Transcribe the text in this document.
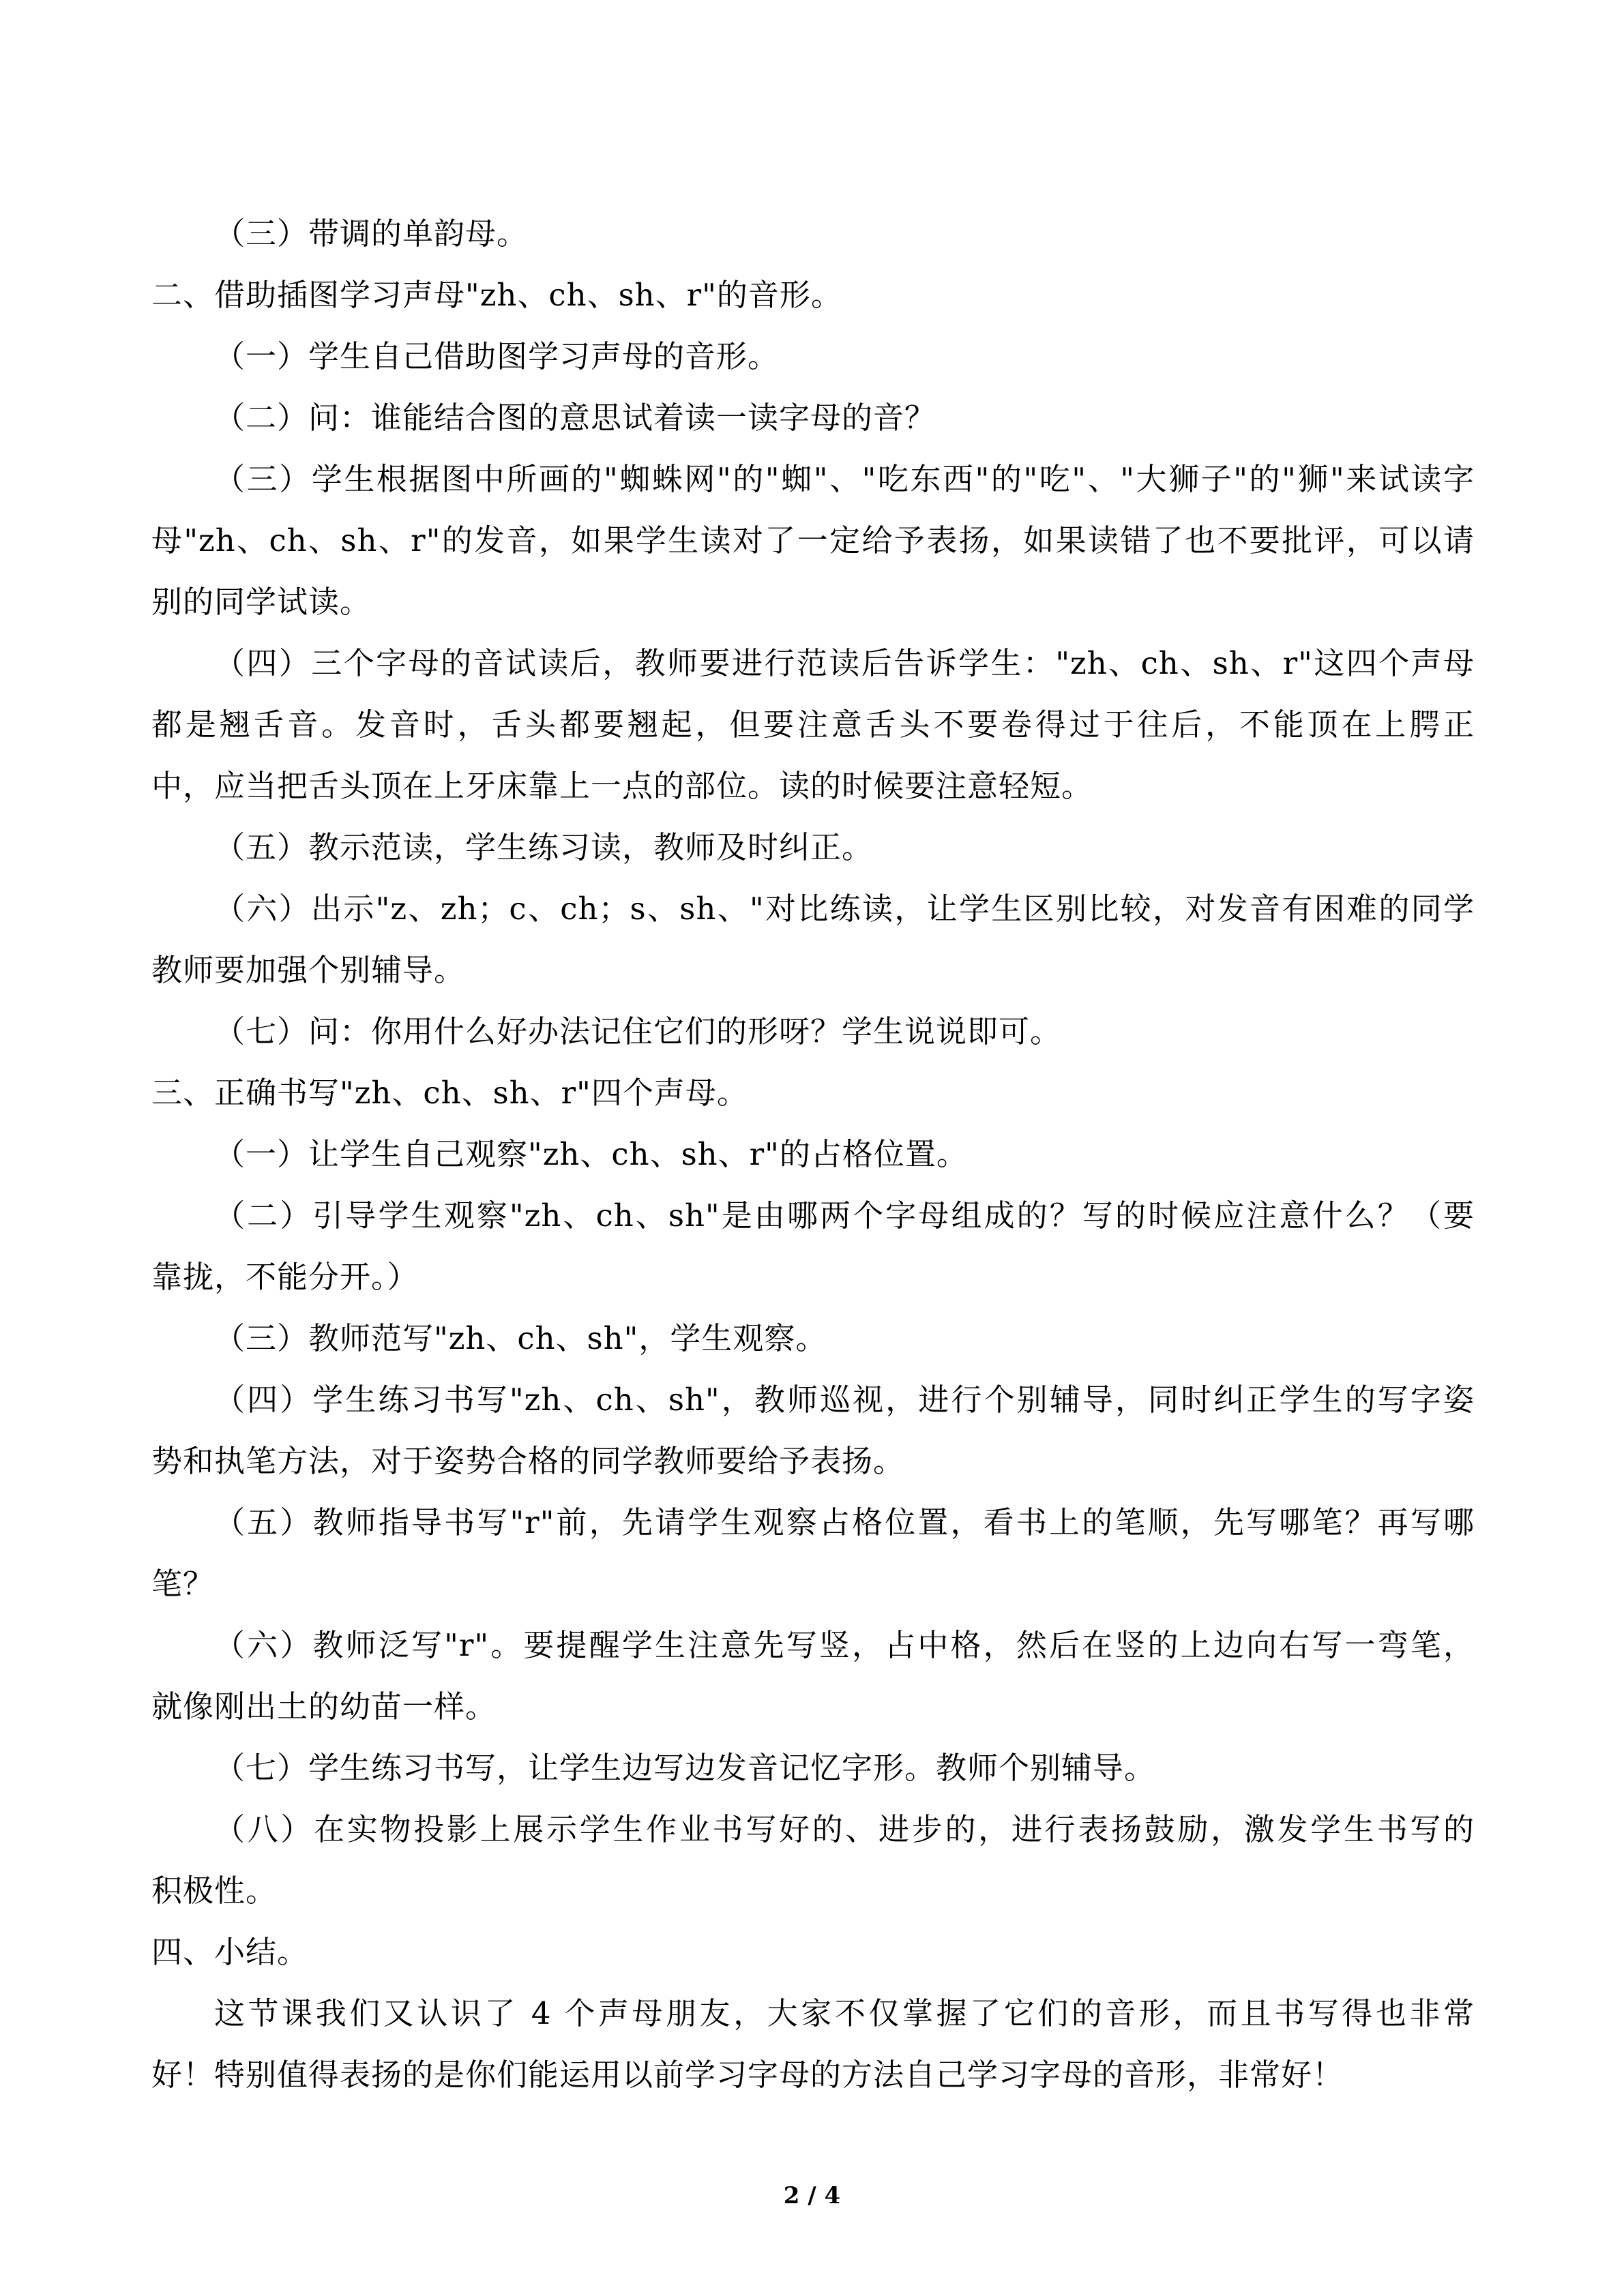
（三）带调的单韵母。

二、借助插图学习声母"zh、ch、sh、r"的音形。

（一）学生自己借助图学习声母的音形。

（二）问：谁能结合图的意思试着读一读字母的音？

（三）学生根据图中所画的"蜘蛛网"的"蜘"、"吃东西"的"吃"、"大狮子"的"狮"来试读字

母"zh、ch、sh、r"的发音，如果学生读对了一定给予表扬，如果读错了也不要批评，可以请

别的同学试读。

（四）三个字母的音试读后，教师要进行范读后告诉学生："zh、ch、sh、r"这四个声母

都是翘舌音。发音时，舌头都要翘起，但要注意舌头不要卷得过于往后，不能顶在上腭正

中，应当把舌头顶在上牙床靠上一点的部位。读的时候要注意轻短。

（五）教示范读，学生练习读，教师及时纠正。

（六）出示"z、zh；c、ch；s、sh、"对比练读，让学生区别比较，对发音有困难的同学

教师要加强个别辅导。

（七）问：你用什么好办法记住它们的形呀？学生说说即可。

三、正确书写"zh、ch、sh、r"四个声母。

（一）让学生自己观察"zh、ch、sh、r"的占格位置。

（二）引导学生观察"zh、ch、sh"是由哪两个字母组成的？写的时候应注意什么？（要

靠拢，不能分开。）

（三）教师范写"zh、ch、sh"，学生观察。

（四）学生练习书写"zh、ch、sh"，教师巡视，进行个别辅导，同时纠正学生的写字姿

势和执笔方法，对于姿势合格的同学教师要给予表扬。

（五）教师指导书写"r"前，先请学生观察占格位置，看书上的笔顺，先写哪笔？再写哪

笔？

（六）教师泛写"r"。要提醒学生注意先写竖，占中格，然后在竖的上边向右写一弯笔，

就像刚出土的幼苗一样。

（七）学生练习书写，让学生边写边发音记忆字形。教师个别辅导。

（八）在实物投影上展示学生作业书写好的、进步的，进行表扬鼓励，激发学生书写的

积极性。

四、小结。

这节课我们又认识了 4 个声母朋友，大家不仅掌握了它们的音形，而且书写得也非常

好！特别值得表扬的是你们能运用以前学习字母的方法自己学习字母的音形，非常好！

2 / 4
